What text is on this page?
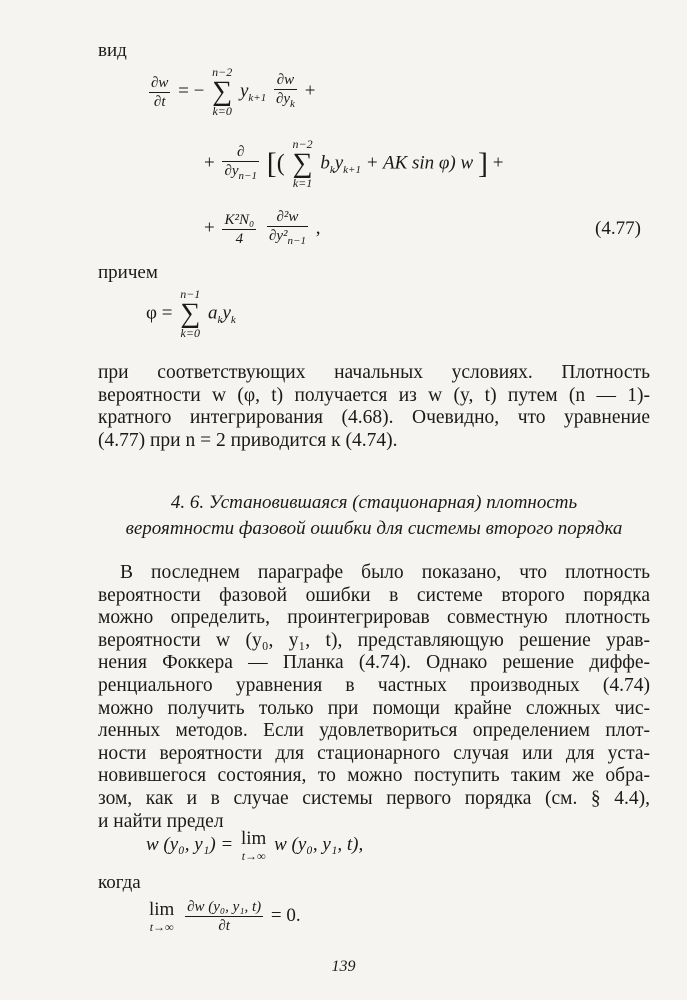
вид
$\frac{\partial w}{\partial t}$ = −
n−2
∑
k=0
$y_{k+1} \frac{\partial w}{\partial y_k}$ +
+ $\frac{\partial}{\partial y_{n-1}}$ [(
n−2
∑
k=1
$b_ky_{k+1}$ + AK sin φ) w ] +
+ $\frac{\text{K²N₀}}{4}$
$\frac{\text{∂²w}}{\partial y^2_{n-1}}$ ,	(4.77)
причем
φ =
n−1
∑
k=0
$a_ky_k$
при соответствующих начальных условиях. Плотность
вероятности w (φ, t) получается из w (y, t) путем (n — 1)-
кратного интегрирования (4.68). Очевидно, что уравнение
(4.77) при n = 2 приводится к (4.74).
4. 6. Установившаяся (стационарная) плотность
вероятности фазовой ошибки для системы второго порядка
В последнем параграфе было показано, что плотность
вероятности фазовой ошибки в системе второго порядка
можно определить, проинтегрировав совместную плотность
вероятности w (y₀, y₁, t), представляющую решение урав-
нения Фоккера — Планка (4.74). Однако решение диффе-
ренциального уравнения в частных производных (4.74)
можно получить только при помощи крайне сложных чис-
ленных методов. Если удовлетвориться определением плот-
ности вероятности для стационарного случая или для уста-
новившегося состояния, то можно поступить таким же обра-
зом, как и в случае системы первого порядка (см. § 4.4),
и найти предел
w (y₀, y₁) = lim
t→∞
w (y₀, y₁, t),
когда
lim
t→∞
$\frac{\text{∂w (y₀, y₁, t)}}{\partial t} = 0$.
139
